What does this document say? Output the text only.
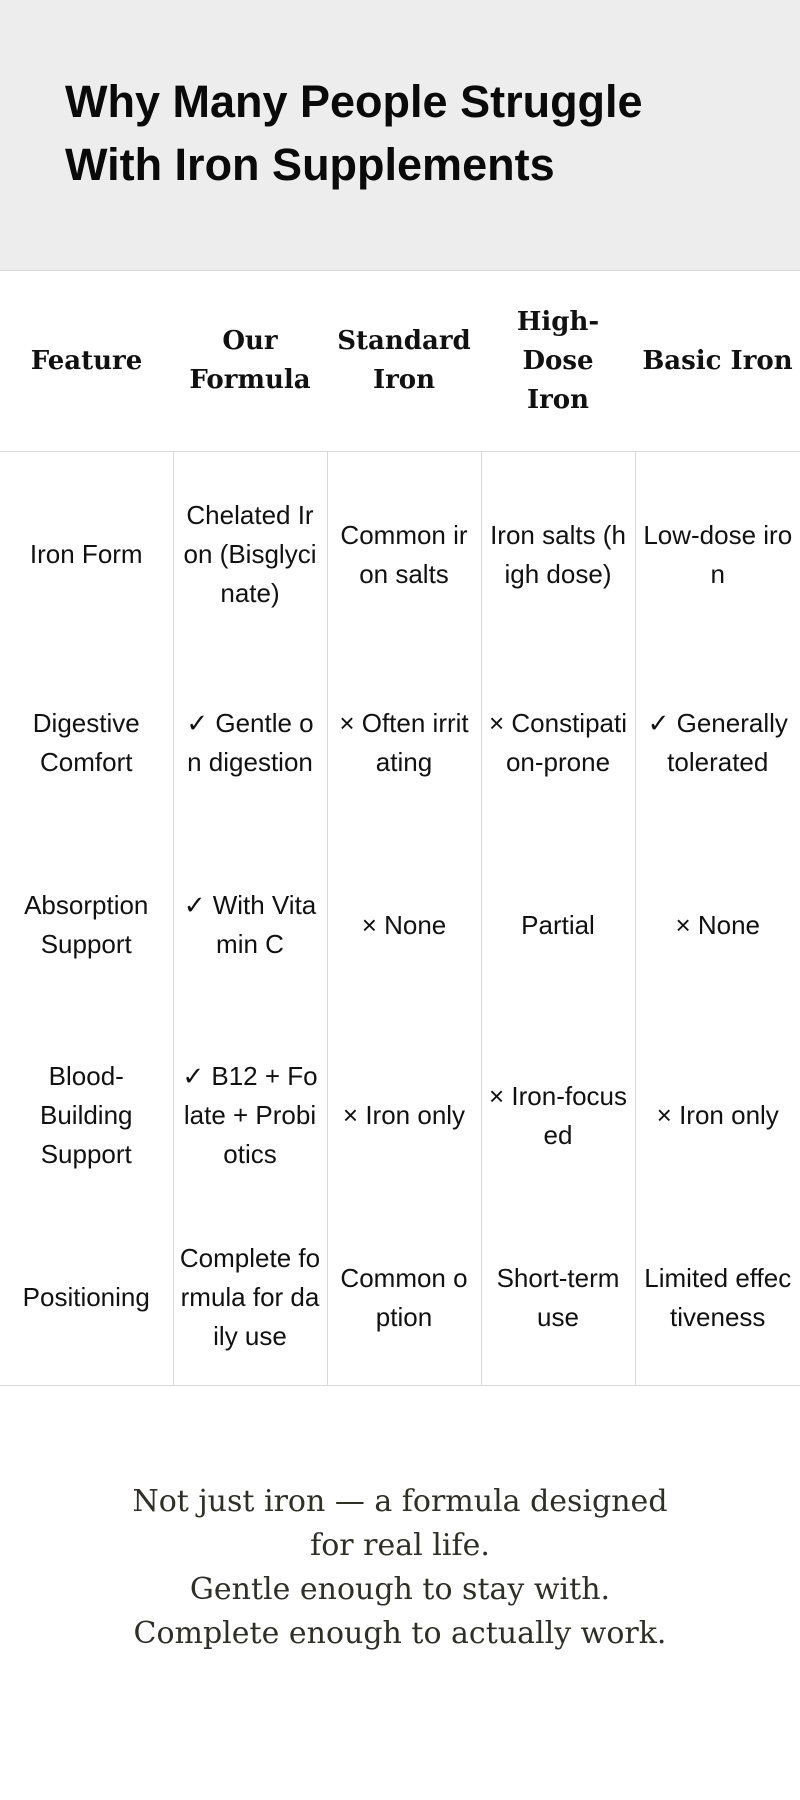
Why Many People Struggle
With Iron Supplements
Feature	Our Formula	Standard Iron	High-Dose Iron	Basic Iron
Iron Form	Chelated Iron (Bisglycinate)	Common iron salts	Iron salts (high dose)	Low-dose iron
Digestive Comfort	✓ Gentle on digestion	× Often irritating	× Constipation-prone	✓ Generally tolerated
Absorption Support	✓ With Vitamin C	× None	Partial	× None
Blood-Building Support	✓ B12 + Folate + Probiotics	× Iron only	× Iron-focused	× Iron only
Positioning	Complete formula for daily use	Common option	Short-term use	Limited effectiveness
Not just iron — a formula designed
for real life.
Gentle enough to stay with.
Complete enough to actually work.
